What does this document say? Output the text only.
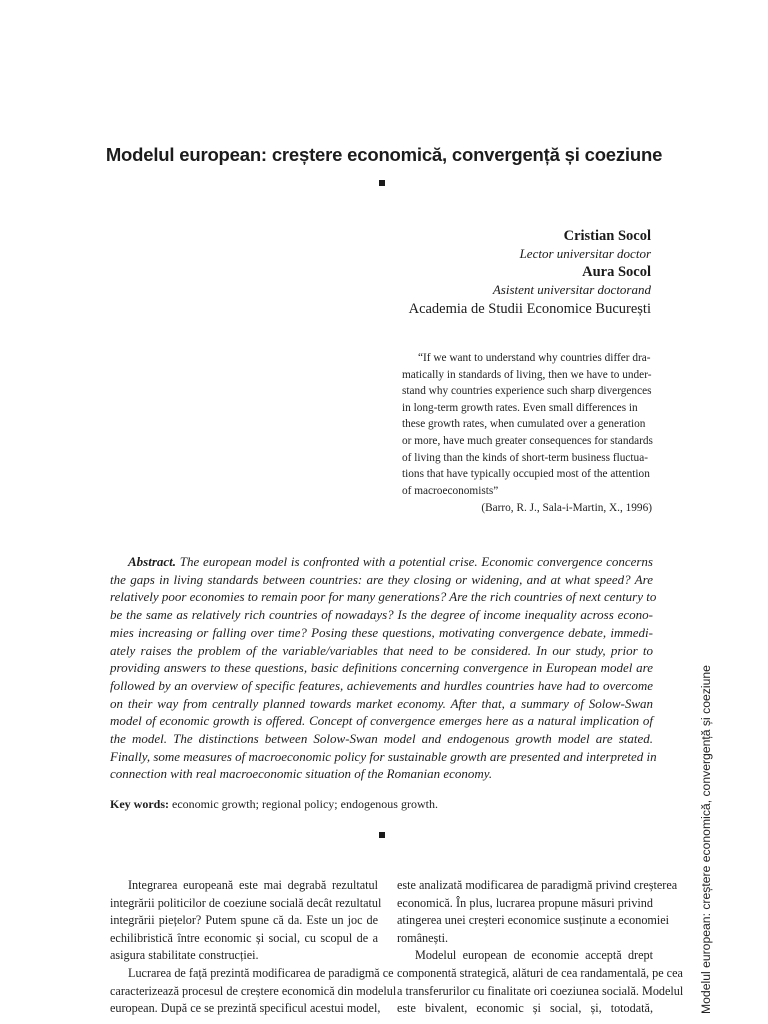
Modelul european: creștere economică, convergență și coeziune
Cristian Socol
Lector universitar doctor
Aura Socol
Asistent universitar doctorand
Academia de Studii Economice București
“If we want to understand why countries differ dra-
matically in standards of living, then we have to under-
stand why countries experience such sharp divergences
in long-term growth rates. Even small differences in
these growth rates, when cumulated over a generation
or more, have much greater consequences for standards
of living than the kinds of short-term business fluctua-
tions that have typically occupied most of the attention
of macroeconomists”
(Barro, R. J., Sala-i-Martin, X., 1996)
Abstract. The european model is confronted with a potential crise. Economic convergence concerns
the gaps in living standards between countries: are they closing or widening, and at what speed? Are
relatively poor economies to remain poor for many generations? Are the rich countries of next century to
be the same as relatively rich countries of nowadays? Is the degree of income inequality across econo-
mies increasing or falling over time? Posing these questions, motivating convergence debate, immedi-
ately raises the problem of the variable/variables that need to be considered. In our study, prior to
providing answers to these questions, basic definitions concerning convergence in European model are
followed by an overview of specific features, achievements and hurdles countries have had to overcome
on their way from centrally planned towards market economy. After that, a summary of Solow-Swan
model of economic growth is offered. Concept of convergence emerges here as a natural implication of
the model. The distinctions between Solow-Swan model and endogenous growth model are stated.
Finally, some measures of macroeconomic policy for sustainable growth are presented and interpreted in
connection with real macroeconomic situation of the Romanian economy.
Key words: economic growth; regional policy; endogenous growth.
Integrarea europeană este mai degrabă rezultatul
integrării politicilor de coeziune socială decât rezultatul
integrării piețelor? Putem spune că da. Este un joc de
echilibristică între economic și social, cu scopul de a
asigura stabilitate construcției.
Lucrarea de față prezintă modificarea de paradigmă ce
caracterizează procesul de creștere economică din modelul
european. După ce se prezintă specificul acestui model,
este analizată modificarea de paradigmă privind creșterea
economică. În plus, lucrarea propune măsuri privind
atingerea unei creșteri economice susținute a economiei
românești.
Modelul european de economie acceptă drept
componentă strategică, alături de cea randamentală, pe cea
a transferurilor cu finalitate ori coeziunea socială. Modelul
este bivalent, economic și social, și, totodată,	Modelul european: creștere economică, convergență și coeziune
